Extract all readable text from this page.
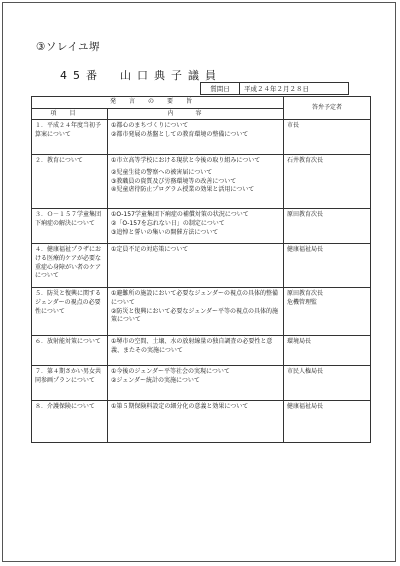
③ソレイユ堺
45番　山口典子議員
質問日	平成２４年２月２８日
発言の要旨		答弁予定者
項目	内容	
１．平成２４年度当初予算案について	①都心のまちづくりについて
②都市発展の基盤としての教育環境の整備について	市長
２．教育について	①市立高等学校における現状と今後の取り組みについて
②児童生徒の警察への被害届について
③教職員の資質及び労務環境等の改善について
④児童虐待防止プログラム授業の効果と活用について	石井教育次長
３．Ｏ－１５７学童集団下痢症の解決について	①O-157学童集団下痢症の補償対策の状況について
②「O-157を忘れない日」の制定について
③追悼と誓いの集いの開催方法について	原田教育次長
４．健康福祉プラザにおける医療的ケアが必要な重症心身障がい者のケアについて	①定員不足の対応策について	健康福祉局長
５．防災と復興に関するジェンダーの視点の必要性について	①避難所の施設において必要なジェンダーの視点の具体的整備について
②防災と復興において必要なジェンダー平等の視点の具体的施策について	原田教育次長
危機管理監
６．放射能対策について	①堺市の空間、土壌、水の放射線量の独自調査の必要性と意義、またその実施について	環境局長
７．第４期さかい男女共同参画プランについて	①今後のジェンダー平等社会の実現について
②ジェンダー統計の実施について	市民人権局長
８．介護保険について	①第５期保険料設定の細分化の意義と効果について	健康福祉局長
